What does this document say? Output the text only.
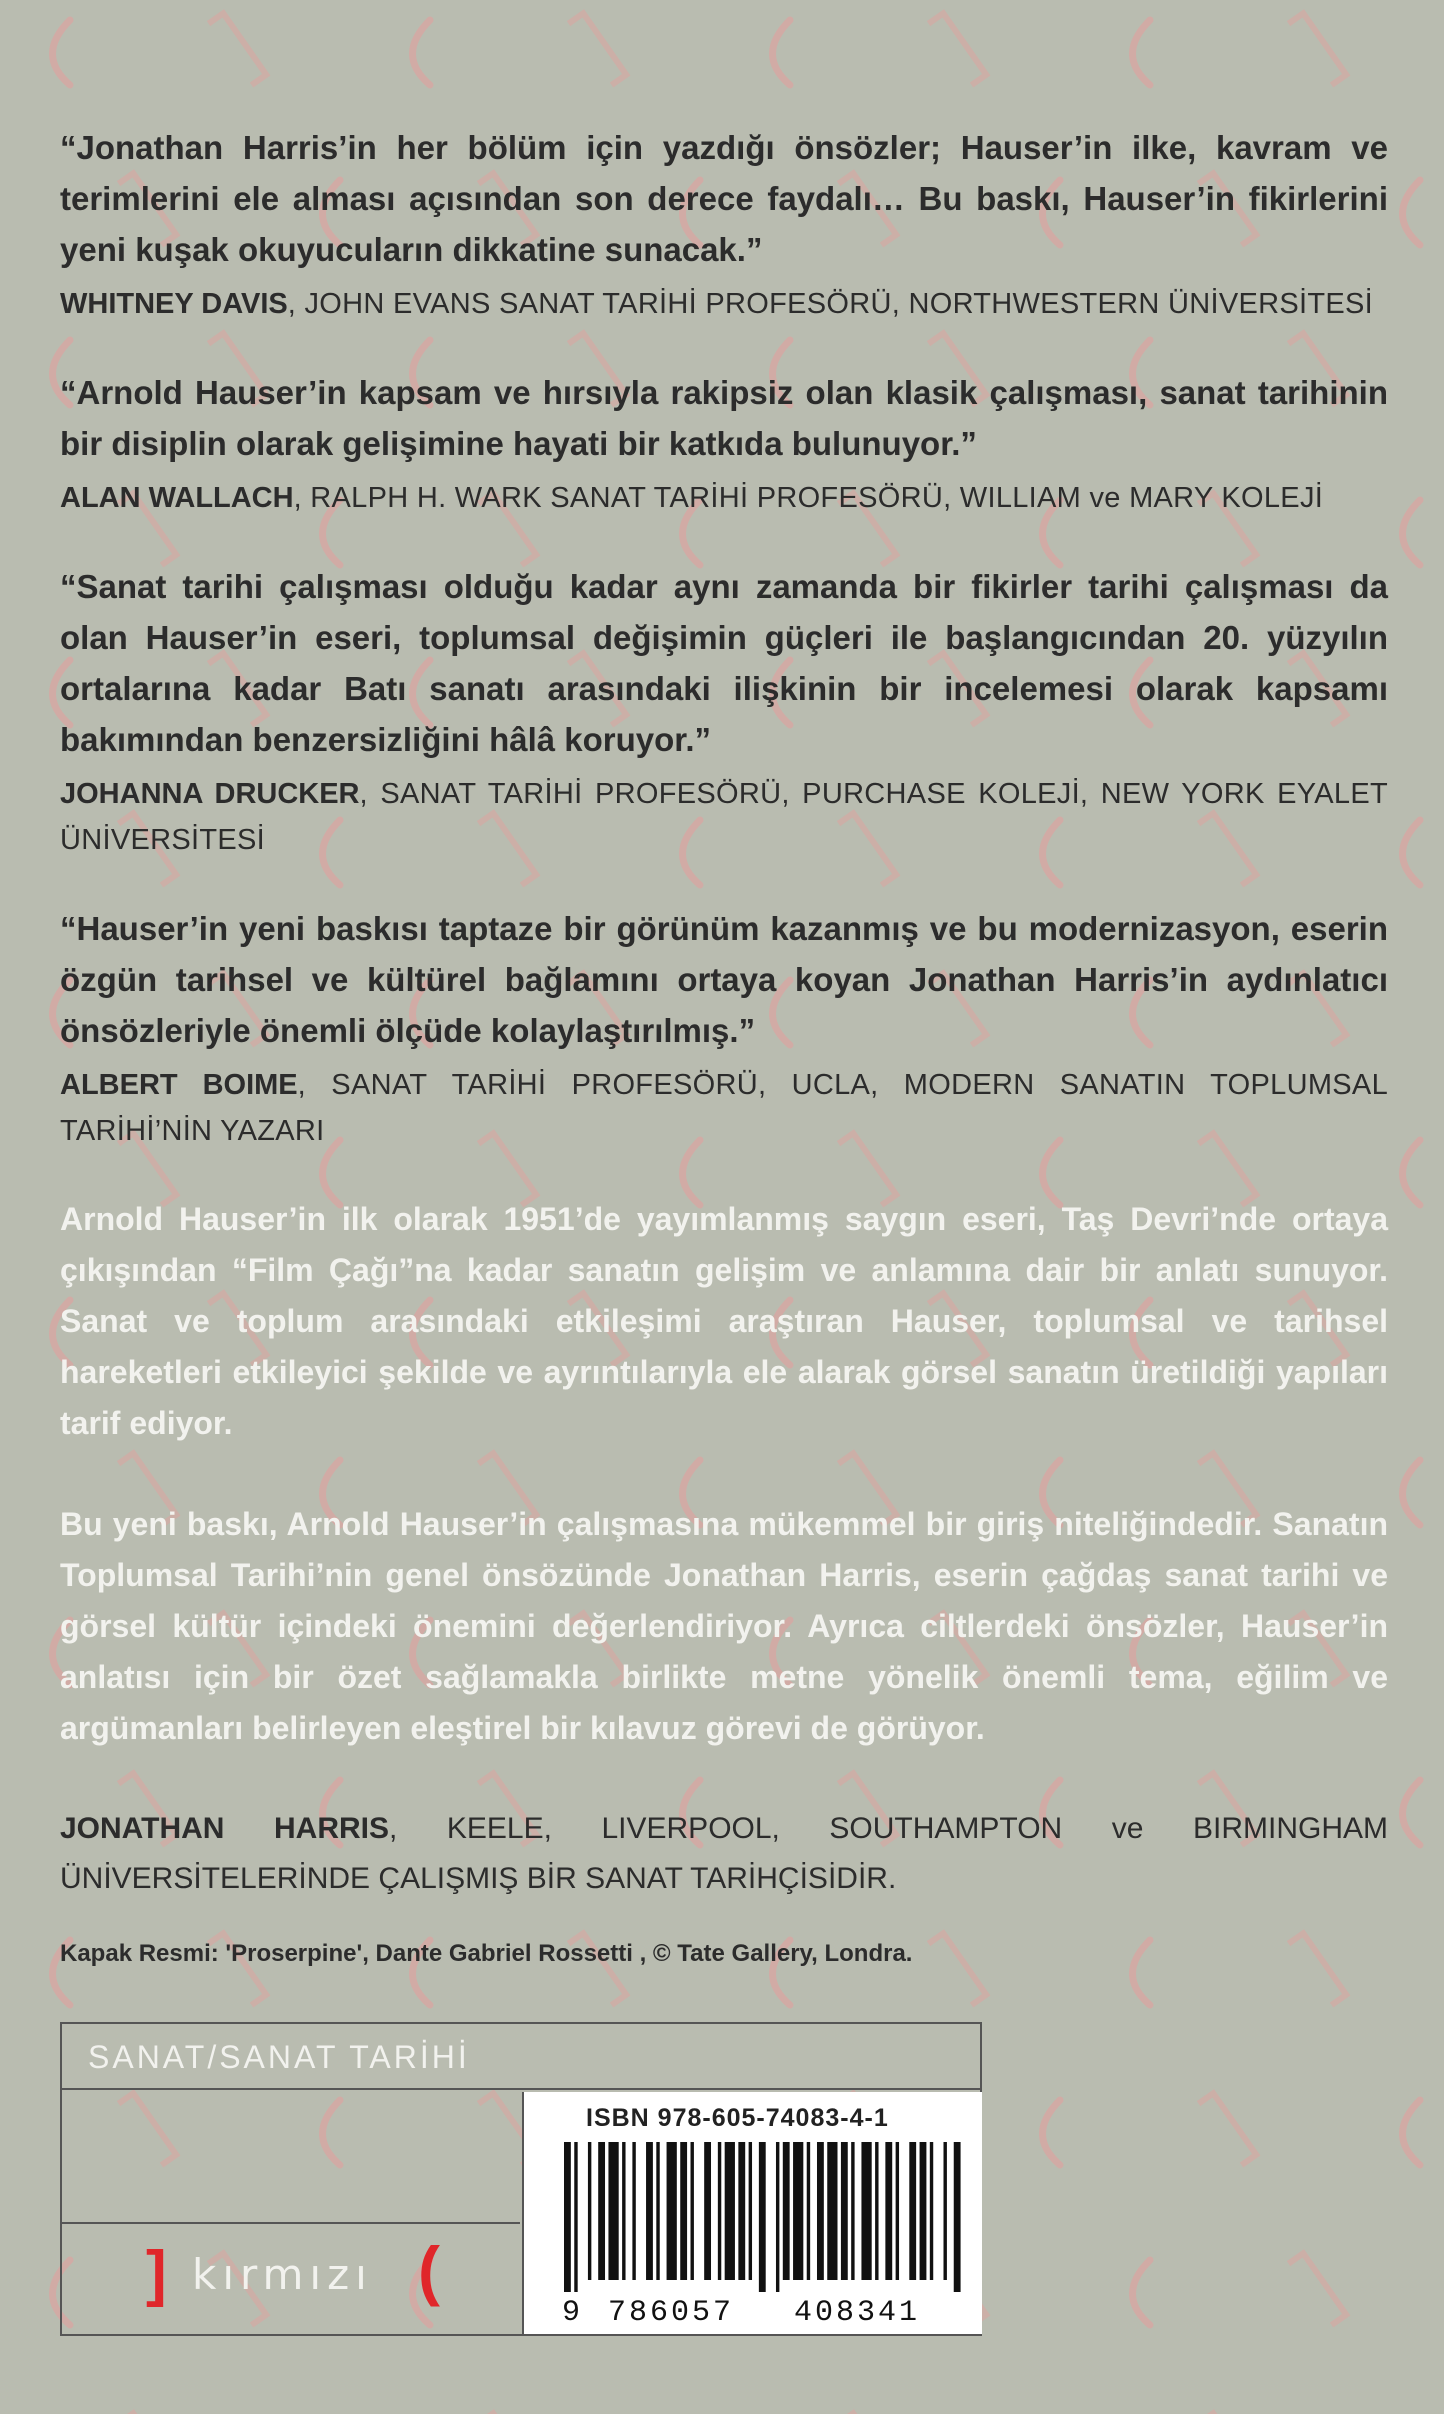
“Jonathan Harris’in her bölüm için yazdığı önsözler; Hauser’in ilke, kavram ve terimlerini ele alması açısından son derece faydalı… Bu baskı, Hauser’in fikirlerini yeni kuşak okuyucuların dikkatine sunacak.”

WHITNEY DAVIS, JOHN EVANS SANAT TARİHİ PROFESÖRÜ, NORTHWESTERN ÜNİVERSİTESİ

“Arnold Hauser’in kapsam ve hırsıyla rakipsiz olan klasik çalışması, sanat tarihinin bir disiplin olarak gelişimine hayati bir katkıda bulunuyor.”

ALAN WALLACH, RALPH H. WARK SANAT TARİHİ PROFESÖRÜ, WILLIAM ve MARY KOLEJİ

“Sanat tarihi çalışması olduğu kadar aynı zamanda bir fikirler tarihi çalışması da olan Hauser’in eseri, toplumsal değişimin güçleri ile başlangıcından 20. yüzyılın ortalarına kadar Batı sanatı arasındaki ilişkinin bir incelemesi olarak kapsamı bakımından benzersizliğini hâlâ koruyor.”

JOHANNA DRUCKER, SANAT TARİHİ PROFESÖRÜ, PURCHASE KOLEJİ, NEW YORK EYALET ÜNİVERSİTESİ

“Hauser’in yeni baskısı taptaze bir görünüm kazanmış ve bu modernizasyon, eserin özgün tarihsel ve kültürel bağlamını ortaya koyan Jonathan Harris’in aydınlatıcı önsözleriyle önemli ölçüde kolaylaştırılmış.”

ALBERT BOIME, SANAT TARİHİ PROFESÖRÜ, UCLA, MODERN SANATIN TOPLUMSAL TARİHİ’NİN YAZARI

Arnold Hauser’in ilk olarak 1951’de yayımlanmış saygın eseri, Taş Devri’nde ortaya çıkışından “Film Çağı”na kadar sanatın gelişim ve anlamına dair bir anlatı sunuyor. Sanat ve toplum arasındaki etkileşimi araştıran Hauser, toplumsal ve tarihsel hareketleri etkileyici şekilde ve ayrıntılarıyla ele alarak görsel sanatın üretildiği yapıları tarif ediyor.

Bu yeni baskı, Arnold Hauser’in çalışmasına mükemmel bir giriş niteliğindedir. Sanatın Toplumsal Tarihi’nin genel önsözünde Jonathan Harris, eserin çağdaş sanat tarihi ve görsel kültür içindeki önemini değerlendiriyor. Ayrıca ciltlerdeki önsözler, Hauser’in anlatısı için bir özet sağlamakla birlikte metne yönelik önemli tema, eğilim ve argümanları belirleyen eleştirel bir kılavuz görevi de görüyor.

JONATHAN HARRIS, KEELE, LIVERPOOL, SOUTHAMPTON ve BIRMINGHAM ÜNİVERSİTELERİNDE ÇALIŞMIŞ BİR SANAT TARİHÇİSİDİR.
Kapak Resmi: 'Proserpine', Dante Gabriel Rossetti , © Tate Gallery, Londra.
SANAT/SANAT TARİHİ
] kırmızı (
ISBN 978-605-74083-4-1
9 786057 408341
